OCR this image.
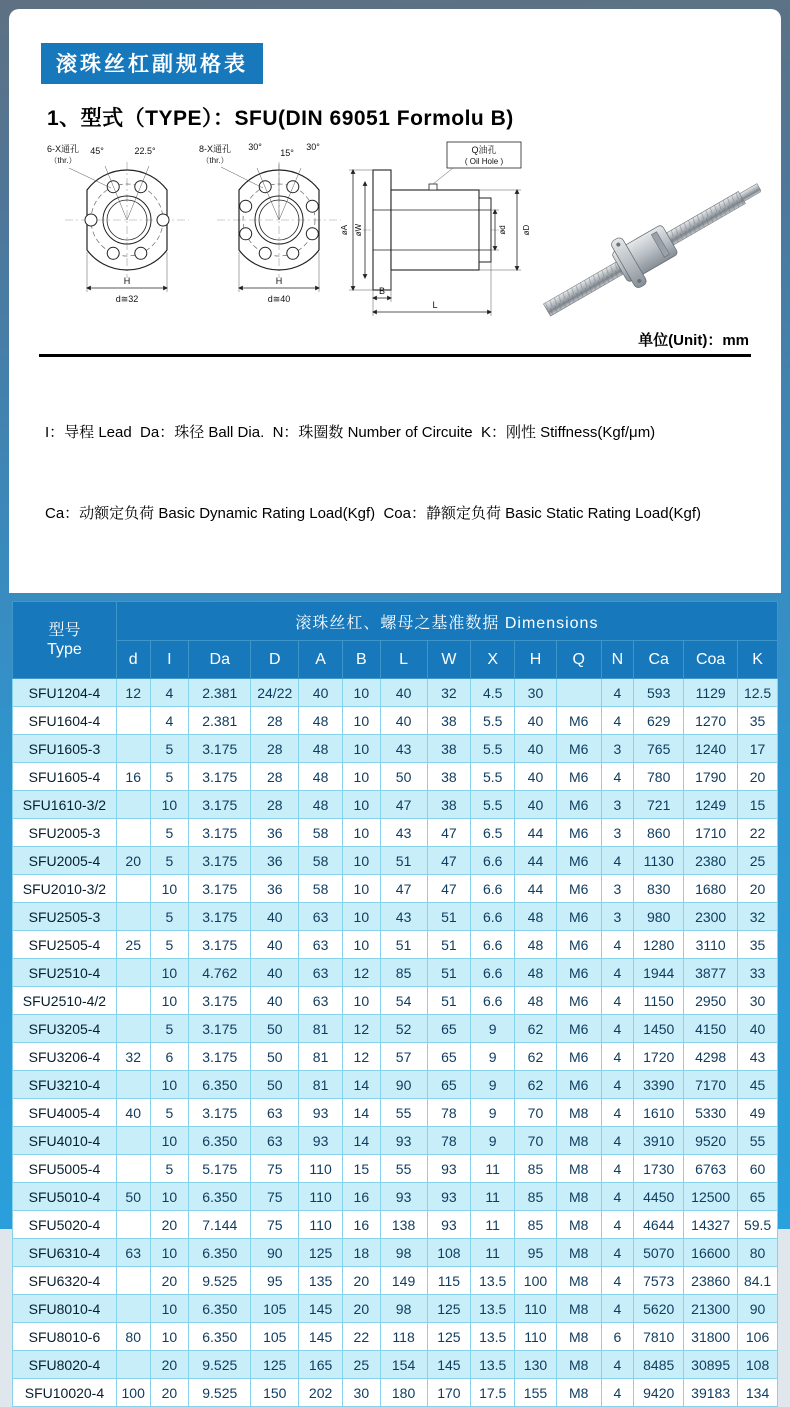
滚珠丝杠副规格表
1、型式（TYPE）：SFU(DIN 69051 Formolu B)
6-X通孔
（thr.）
45°	22.5°
H
d≅32
8-X通孔
（thr.）
30°
15°
30°
H
d≅40
Q油孔
( Oil Hole )
øA øW	ød øD
B
L
单位(Unit)：mm

I：导程 Lead  Da：珠径 Ball Dia.  N：珠圈数 Number of Circuite  K：刚性 Stiffness(Kgf/μm)

Ca：动额定负荷 Basic Dynamic Rating Load(Kgf)  Coa：静额定负荷 Basic Static Rating Load(Kgf)

型号
Type	滚珠丝杠、螺母之基准数据 Dimensions														
	d	I	Da	D	A	B	L	W	X	H	Q	N	Ca	Coa	K
SFU1204-4	12	4	2.381	24/22	40	10	40	32	4.5	30		4	593	1129	12.5
SFU1604-4		4	2.381	28	48	10	40	38	5.5	40	M6	4	629	1270	35
SFU1605-3		5	3.175	28	48	10	43	38	5.5	40	M6	3	765	1240	17
SFU1605-4	16	5	3.175	28	48	10	50	38	5.5	40	M6	4	780	1790	20
SFU1610-3/2		10	3.175	28	48	10	47	38	5.5	40	M6	3	721	1249	15
SFU2005-3		5	3.175	36	58	10	43	47	6.5	44	M6	3	860	1710	22
SFU2005-4	20	5	3.175	36	58	10	51	47	6.6	44	M6	4	1130	2380	25
SFU2010-3/2		10	3.175	36	58	10	47	47	6.6	44	M6	3	830	1680	20
SFU2505-3		5	3.175	40	63	10	43	51	6.6	48	M6	3	980	2300	32
SFU2505-4	25	5	3.175	40	63	10	51	51	6.6	48	M6	4	1280	3110	35
SFU2510-4		10	4.762	40	63	12	85	51	6.6	48	M6	4	1944	3877	33
SFU2510-4/2		10	3.175	40	63	10	54	51	6.6	48	M6	4	1150	2950	30
SFU3205-4		5	3.175	50	81	12	52	65	9	62	M6	4	1450	4150	40
SFU3206-4	32	6	3.175	50	81	12	57	65	9	62	M6	4	1720	4298	43
SFU3210-4		10	6.350	50	81	14	90	65	9	62	M6	4	3390	7170	45
SFU4005-4	40	5	3.175	63	93	14	55	78	9	70	M8	4	1610	5330	49
SFU4010-4		10	6.350	63	93	14	93	78	9	70	M8	4	3910	9520	55
SFU5005-4		5	5.175	75	110	15	55	93	11	85	M8	4	1730	6763	60
SFU5010-4	50	10	6.350	75	110	16	93	93	11	85	M8	4	4450	12500	65
SFU5020-4		20	7.144	75	110	16	138	93	11	85	M8	4	4644	14327	59.5
SFU6310-4	63	10	6.350	90	125	18	98	108	11	95	M8	4	5070	16600	80
SFU6320-4		20	9.525	95	135	20	149	115	13.5	100	M8	4	7573	23860	84.1
SFU8010-4		10	6.350	105	145	20	98	125	13.5	110	M8	4	5620	21300	90
SFU8010-6	80	10	6.350	105	145	22	118	125	13.5	110	M8	6	7810	31800	106
SFU8020-4		20	9.525	125	165	25	154	145	13.5	130	M8	4	8485	30895	108
SFU10020-4	100	20	9.525	150	202	30	180	170	17.5	155	M8	4	9420	39183	134
